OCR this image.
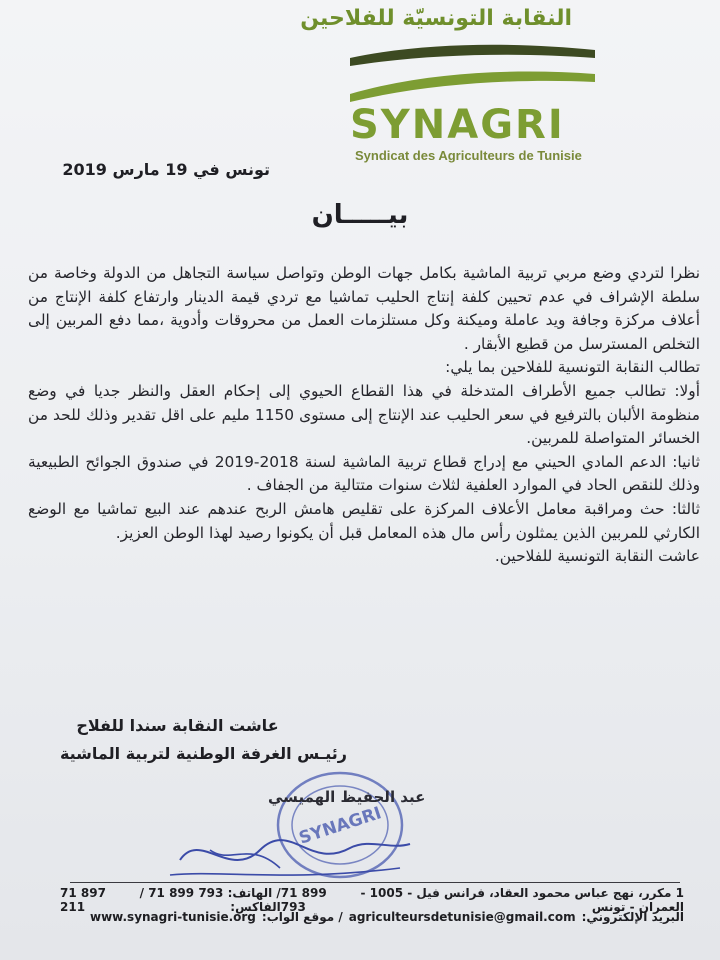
النقابة التونسيّة للفلاحين
SYNAGRI
Syndicat des Agriculteurs de Tunisie
تونس في 19 مارس 2019
بيـــــان

نظرا لتردي وضع مربي تربية الماشية بكامل جهات الوطن وتواصل سياسة التجاهل من الدولة وخاصة من سلطة الإشراف في عدم تحيين كلفة إنتاج الحليب تماشيا مع تردي قيمة الدينار وارتفاع كلفة الإنتاج من أعلاف مركزة وجافة ويد عاملة وميكنة وكل مستلزمات العمل من محروقات وأدوية ،مما دفع المربين إلى التخلص المسترسل من قطيع الأبقار .

تطالب النقابة التونسية للفلاحين بما يلي:

أولا: تطالب جميع الأطراف المتدخلة في هذا القطاع الحيوي إلى إحكام العقل والنظر جديا في وضع منظومة الألبان بالترفيع في سعر الحليب عند الإنتاج إلى مستوى 1150 مليم على اقل تقدير وذلك للحد من الخسائر المتواصلة للمربين.

ثانيا: الدعم المادي الحيني مع إدراج قطاع تربية الماشية لسنة 2018-2019 في صندوق الجوائح الطبيعية وذلك للنقص الحاد في الموارد العلفية لثلاث سنوات متتالية من الجفاف .

ثالثا: حث ومراقبة معامل الأعلاف المركزة على تقليص هامش الربح عندهم عند البيع تماشيا مع الوضع الكارثي للمربين الذين يمثلون رأس مال هذه المعامل قبل أن يكونوا رصيد لهذا الوطن العزيز.

عاشت النقابة التونسية للفلاحين.

عاشت النقابة سندا للفلاح
رئيـس الغرفة الوطنية لتربية الماشية
SYNAGRI
عبد الحفيظ الهميسي
71 897 211
/ الهاتف: 793 899 71 / الفاكس:
71 899 793
1 مكرر، نهج عباس محمود العقاد، فرانس فيل - 1005 - العمران - تونس
www.synagri-tunisie.org / موقع الواب: agriculteursdetunisie@gmail.com البريد الإلكتروني:
